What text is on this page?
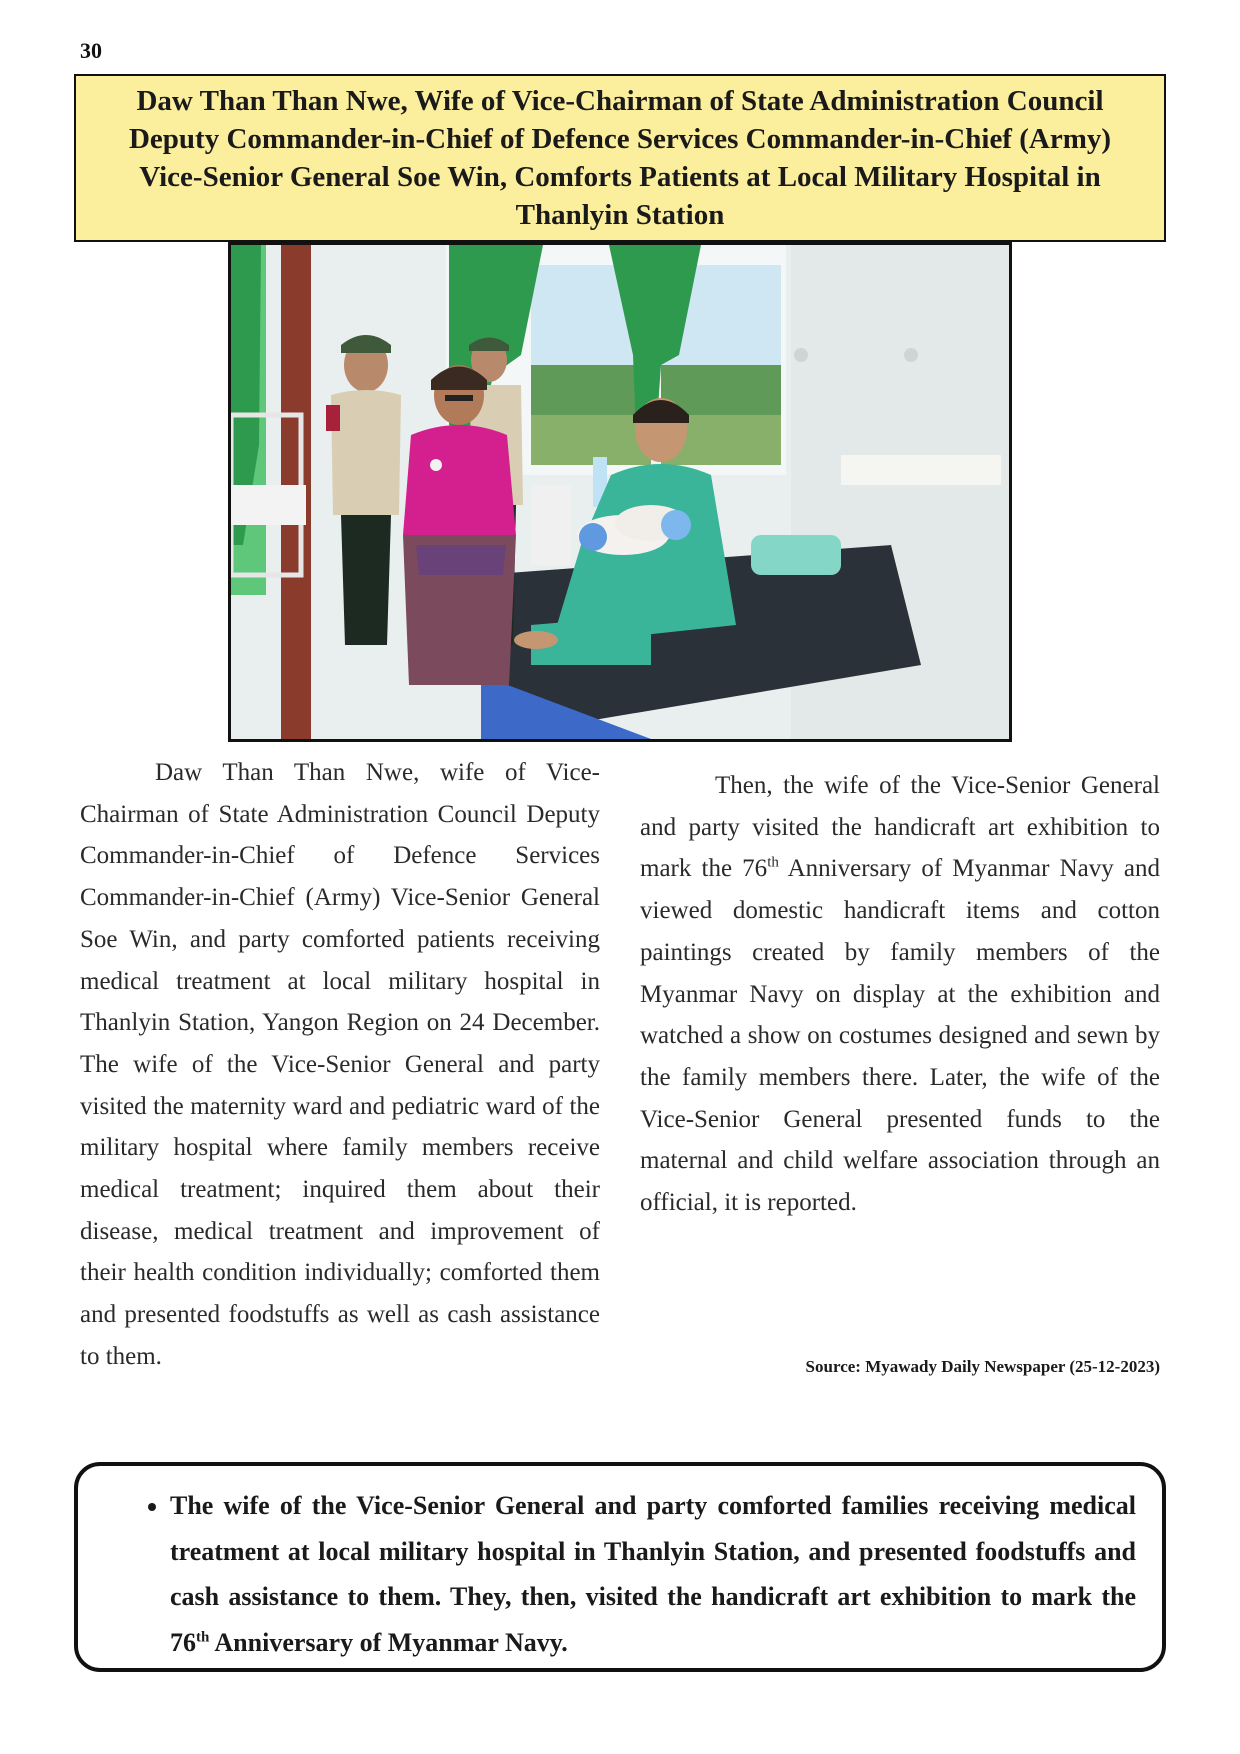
30
Daw Than Than Nwe, Wife of Vice-Chairman of State Administration Council
Deputy Commander-in-Chief of Defence Services Commander-in-Chief (Army)
Vice-Senior General Soe Win, Comforts Patients at Local Military Hospital in
Thanlyin Station

Daw Than Than Nwe, wife of Vice-Chairman of State Administration Council Deputy Commander-in-Chief of Defence Services Commander-in-Chief (Army) Vice-Senior General Soe Win, and party comforted patients receiving medical treatment at local military hospital in Thanlyin Station, Yangon Region on 24 December. The wife of the Vice-Senior General and party visited the maternity ward and pediatric ward of the military hospital where family members receive medical treatment; inquired them about their disease, medical treatment and improvement of their health condition individually; comforted them and presented foodstuffs as well as cash assistance to them.

Then, the wife of the Vice-Senior General and party visited the handicraft art exhibition to mark the 76th Anniversary of Myanmar Navy and viewed domestic handicraft items and cotton paintings created by family members of the Myanmar Navy on display at the exhibition and watched a show on costumes designed and sewn by the family members there. Later, the wife of the Vice-Senior General presented funds to the maternal and child welfare association through an official, it is reported.

Source: Myawady Daily Newspaper (25-12-2023)
• The wife of the Vice-Senior General and party comforted families receiving medical treatment at local military hospital in Thanlyin Station, and presented foodstuffs and cash assistance to them. They, then, visited the handicraft art exhibition to mark the 76th Anniversary of Myanmar Navy.
